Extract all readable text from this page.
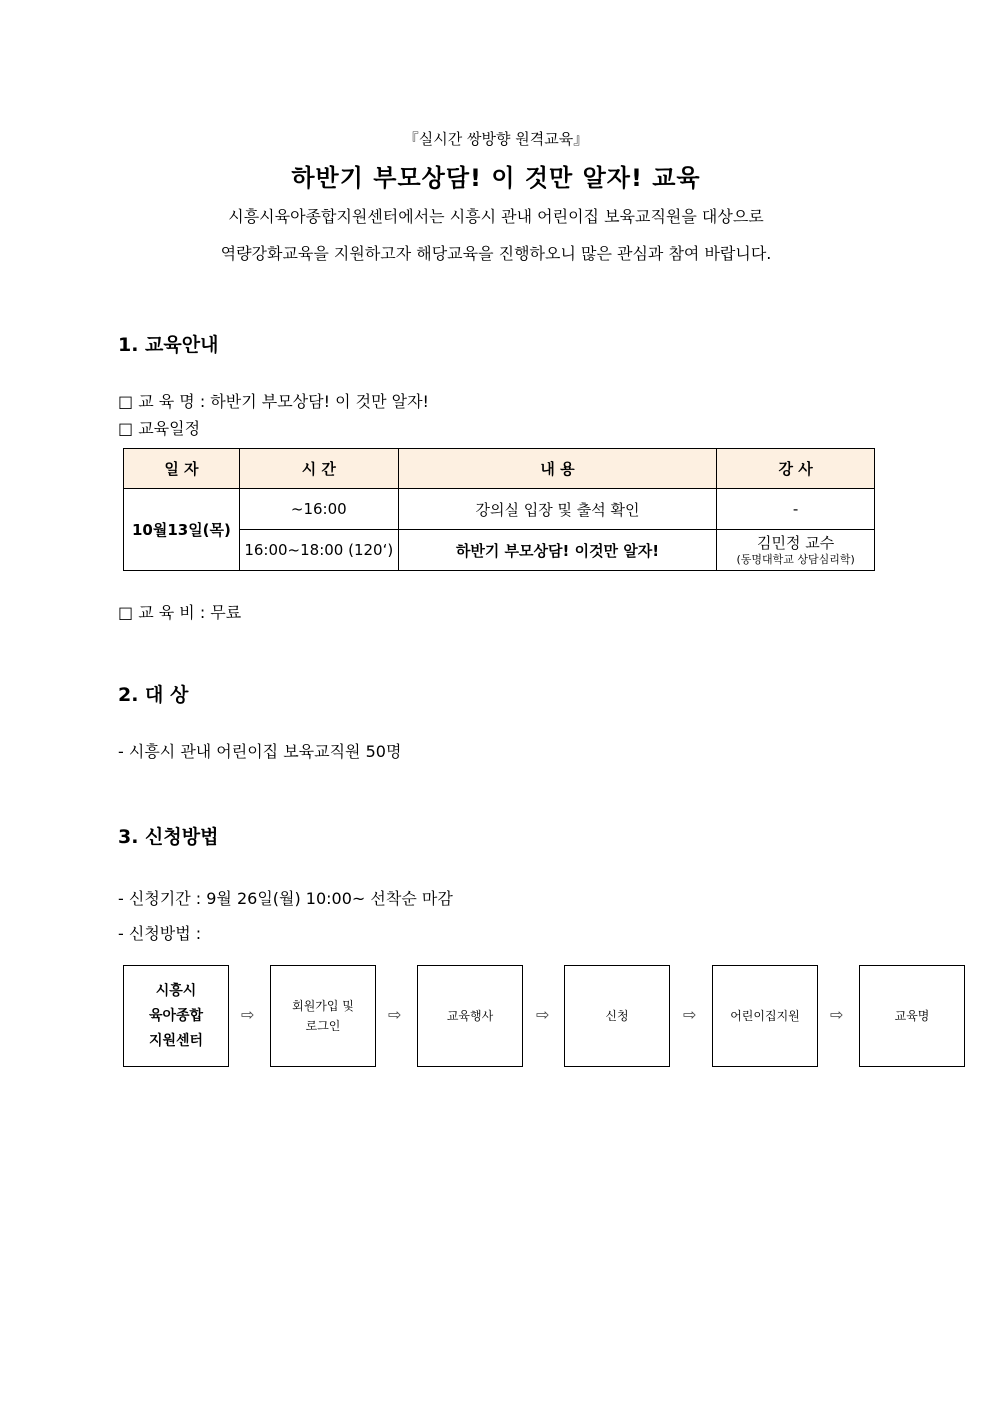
『실시간 쌍방향 원격교육』
하반기 부모상담! 이 것만 알자! 교육
시흥시육아종합지원센터에서는 시흥시 관내 어린이집 보육교직원을 대상으로
역량강화교육을 지원하고자 해당교육을 진행하오니 많은 관심과 참여 바랍니다.
1. 교육안내
□ 교 육 명 : 하반기 부모상담! 이 것만 알자!
□ 교육일정
일 자	시 간	내 용	강 사
10월13일(목)	~16:00	강의실 입장 및 출석 확인	-
	16:00~18:00 (120‘)	하반기 부모상담! 이것만 알자!	김민정 교수
(동명대학교 상담심리학)
□ 교 육 비 : 무료
2. 대 상
- 시흥시 관내 어린이집 보육교직원 50명
3. 신청방법
- 신청기간 : 9월 26일(월) 10:00~ 선착순 마감
- 신청방법 :
시흥시
육아종합
지원센터
⇨	회원가입 및
로그인
⇨	교육행사	⇨	신청	⇨	어린이집지원 ⇨	교육명
